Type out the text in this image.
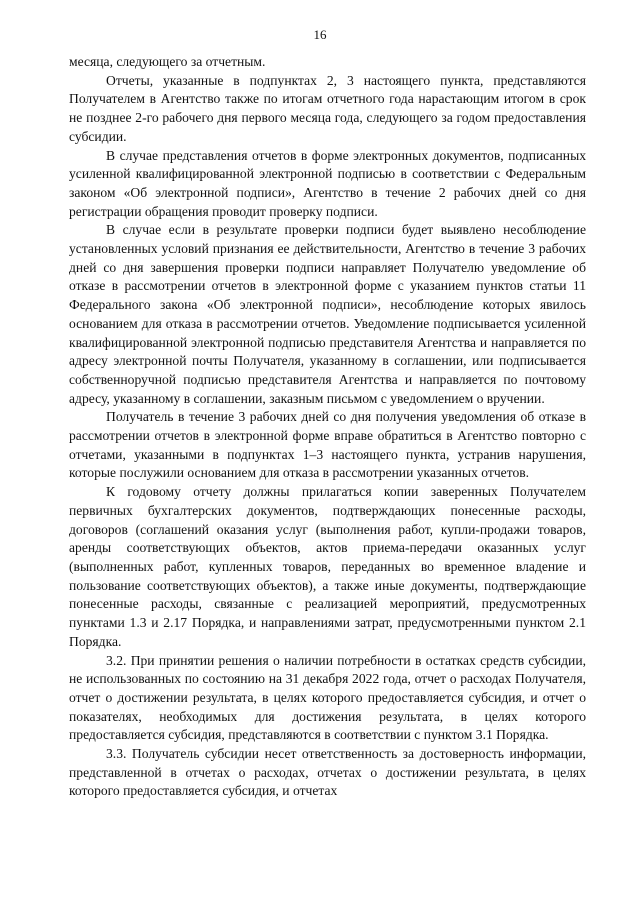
16

месяца, следующего за отчетным.

Отчеты, указанные в подпунктах 2, 3 настоящего пункта, представляются Получателем в Агентство также по итогам отчетного года нарастающим итогом в срок не позднее 2-го рабочего дня первого месяца года, следующего за годом предоставления субсидии.

В случае представления отчетов в форме электронных документов, подписанных усиленной квалифицированной электронной подписью в соответствии с Федеральным законом «Об электронной подписи», Агентство в течение 2 рабочих дней со дня регистрации обращения проводит проверку подписи.

В случае если в результате проверки подписи будет выявлено несоблюдение установленных условий признания ее действительности, Агентство в течение 3 рабочих дней со дня завершения проверки подписи направляет Получателю уведомление об отказе в рассмотрении отчетов в электронной форме с указанием пунктов статьи 11 Федерального закона «Об электронной подписи», несоблюдение которых явилось основанием для отказа в рассмотрении отчетов. Уведомление подписывается усиленной квалифицированной электронной подписью представителя Агентства и направляется по адресу электронной почты Получателя, указанному в соглашении, или подписывается собственноручной подписью представителя Агентства и направляется по почтовому адресу, указанному в соглашении, заказным письмом с уведомлением о вручении.

Получатель в течение 3 рабочих дней со дня получения уведомления об отказе в рассмотрении отчетов в электронной форме вправе обратиться в Агентство повторно с отчетами, указанными в подпунктах 1–3 настоящего пункта, устранив нарушения, которые послужили основанием для отказа в рассмотрении указанных отчетов.

К годовому отчету должны прилагаться копии заверенных Получателем первичных бухгалтерских документов, подтверждающих понесенные расходы, договоров (соглашений оказания услуг (выполнения работ, купли-продажи товаров, аренды соответствующих объектов, актов приема-передачи оказанных услуг (выполненных работ, купленных товаров, переданных во временное владение и пользование соответствующих объектов), а также иные документы, подтверждающие понесенные расходы, связанные с реализацией мероприятий, предусмотренных пунктами 1.3 и 2.17 Порядка, и направлениями затрат, предусмотренными пунктом 2.1 Порядка.

3.2. При принятии решения о наличии потребности в остатках средств субсидии, не использованных по состоянию на 31 декабря 2022 года, отчет о расходах Получателя, отчет о достижении результата, в целях которого предоставляется субсидия, и отчет о показателях, необходимых для достижения результата, в целях которого предоставляется субсидия, представляются в соответствии с пунктом 3.1 Порядка.

3.3. Получатель субсидии несет ответственность за достоверность информации, представленной в отчетах о расходах, отчетах о достижении результата, в целях которого предоставляется субсидия, и отчетах
